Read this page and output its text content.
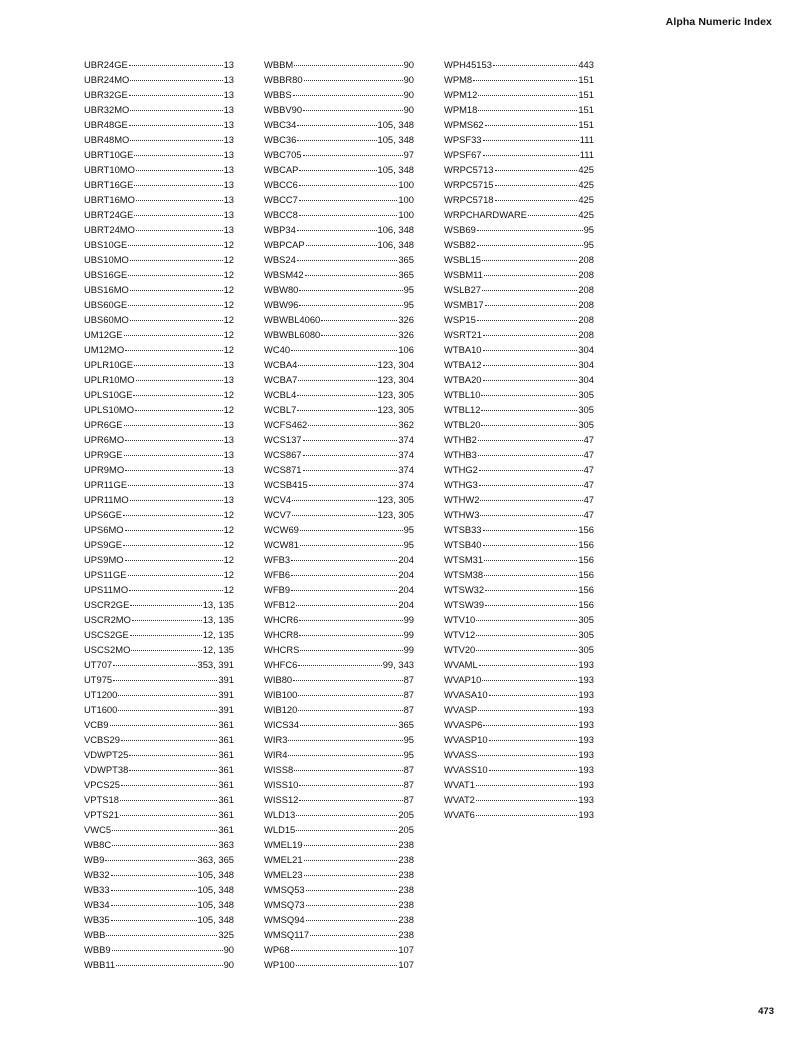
Alpha Numeric Index
UBR24GE	13
UBR24MO	13
UBR32GE	13
UBR32MO	13
UBR48GE	13
UBR48MO	13
UBRT10GE	13
UBRT10MO	13
UBRT16GE	13
UBRT16MO	13
UBRT24GE	13
UBRT24MO	13
UBS10GE	12
UBS10MO	12
UBS16GE	12
UBS16MO	12
UBS60GE	12
UBS60MO	12
UM12GE	12
UM12MO	12
UPLR10GE	13
UPLR10MO	13
UPLS10GE	12
UPLS10MO	12
UPR6GE	13
UPR6MO	13
UPR9GE	13
UPR9MO	13
UPR11GE	13
UPR11MO	13
UPS6GE	12
UPS6MO	12
UPS9GE	12
UPS9MO	12
UPS11GE	12
UPS11MO	12
USCR2GE	13, 135
USCR2MO	13, 135
USCS2GE	12, 135
USCS2MO	12, 135
UT707	353, 391
UT975	391
UT1200	391
UT1600	391
VCB9	361
VCBS29	361
VDWPT25	361
VDWPT38	361
VPCS25	361
VPTS18	361
VPTS21	361
VWC5	361
WB8C	363
WB9	363, 365
WB32	105, 348
WB33	105, 348
WB34	105, 348
WB35	105, 348
WBB	325
WBB9	90
WBB11	90
WBBM	90
WBBR80	90
WBBS	90
WBBV90	90
WBC34	105, 348
WBC36	105, 348
WBC705	97
WBCAP	105, 348
WBCC6	100
WBCC7	100
WBCC8	100
WBP34	106, 348
WBPCAP	106, 348
WBS24	365
WBSM42	365
WBW80	95
WBW96	95
WBWBL4060	326
WBWBL6080	326
WC40	106
WCBA4	123, 304
WCBA7	123, 304
WCBL4	123, 305
WCBL7	123, 305
WCFS462	362
WCS137	374
WCS867	374
WCS871	374
WCSB415	374
WCV4	123, 305
WCV7	123, 305
WCW69	95
WCW81	95
WFB3	204
WFB6	204
WFB9	204
WFB12	204
WHCR6	99
WHCR8	99
WHCRS	99
WHFC6	99, 343
WIB80	87
WIB100	87
WIB120	87
WICS34	365
WIR3	95
WIR4	95
WISS8	87
WISS10	87
WISS12	87
WLD13	205
WLD15	205
WMEL19	238
WMEL21	238
WMEL23	238
WMSQ53	238
WMSQ73	238
WMSQ94	238
WMSQ117	238
WP68	107
WP100	107
WPH45153	443
WPM8	151
WPM12	151
WPM18	151
WPMS62	151
WPSF33	111
WPSF67	111
WRPC5713	425
WRPC5715	425
WRPC5718	425
WRPCHARDWARE	425
WSB69	95
WSB82	95
WSBL15	208
WSBM11	208
WSLB27	208
WSMB17	208
WSP15	208
WSRT21	208
WTBA10	304
WTBA12	304
WTBA20	304
WTBL10	305
WTBL12	305
WTBL20	305
WTHB2	47
WTHB3	47
WTHG2	47
WTHG3	47
WTHW2	47
WTHW3	47
WTSB33	156
WTSB40	156
WTSM31	156
WTSM38	156
WTSW32	156
WTSW39	156
WTV10	305
WTV12	305
WTV20	305
WVAML	193
WVAP10	193
WVASA10	193
WVASP	193
WVASP6	193
WVASP10	193
WVASS	193
WVASS10	193
WVAT1	193
WVAT2	193
WVAT6	193
473
